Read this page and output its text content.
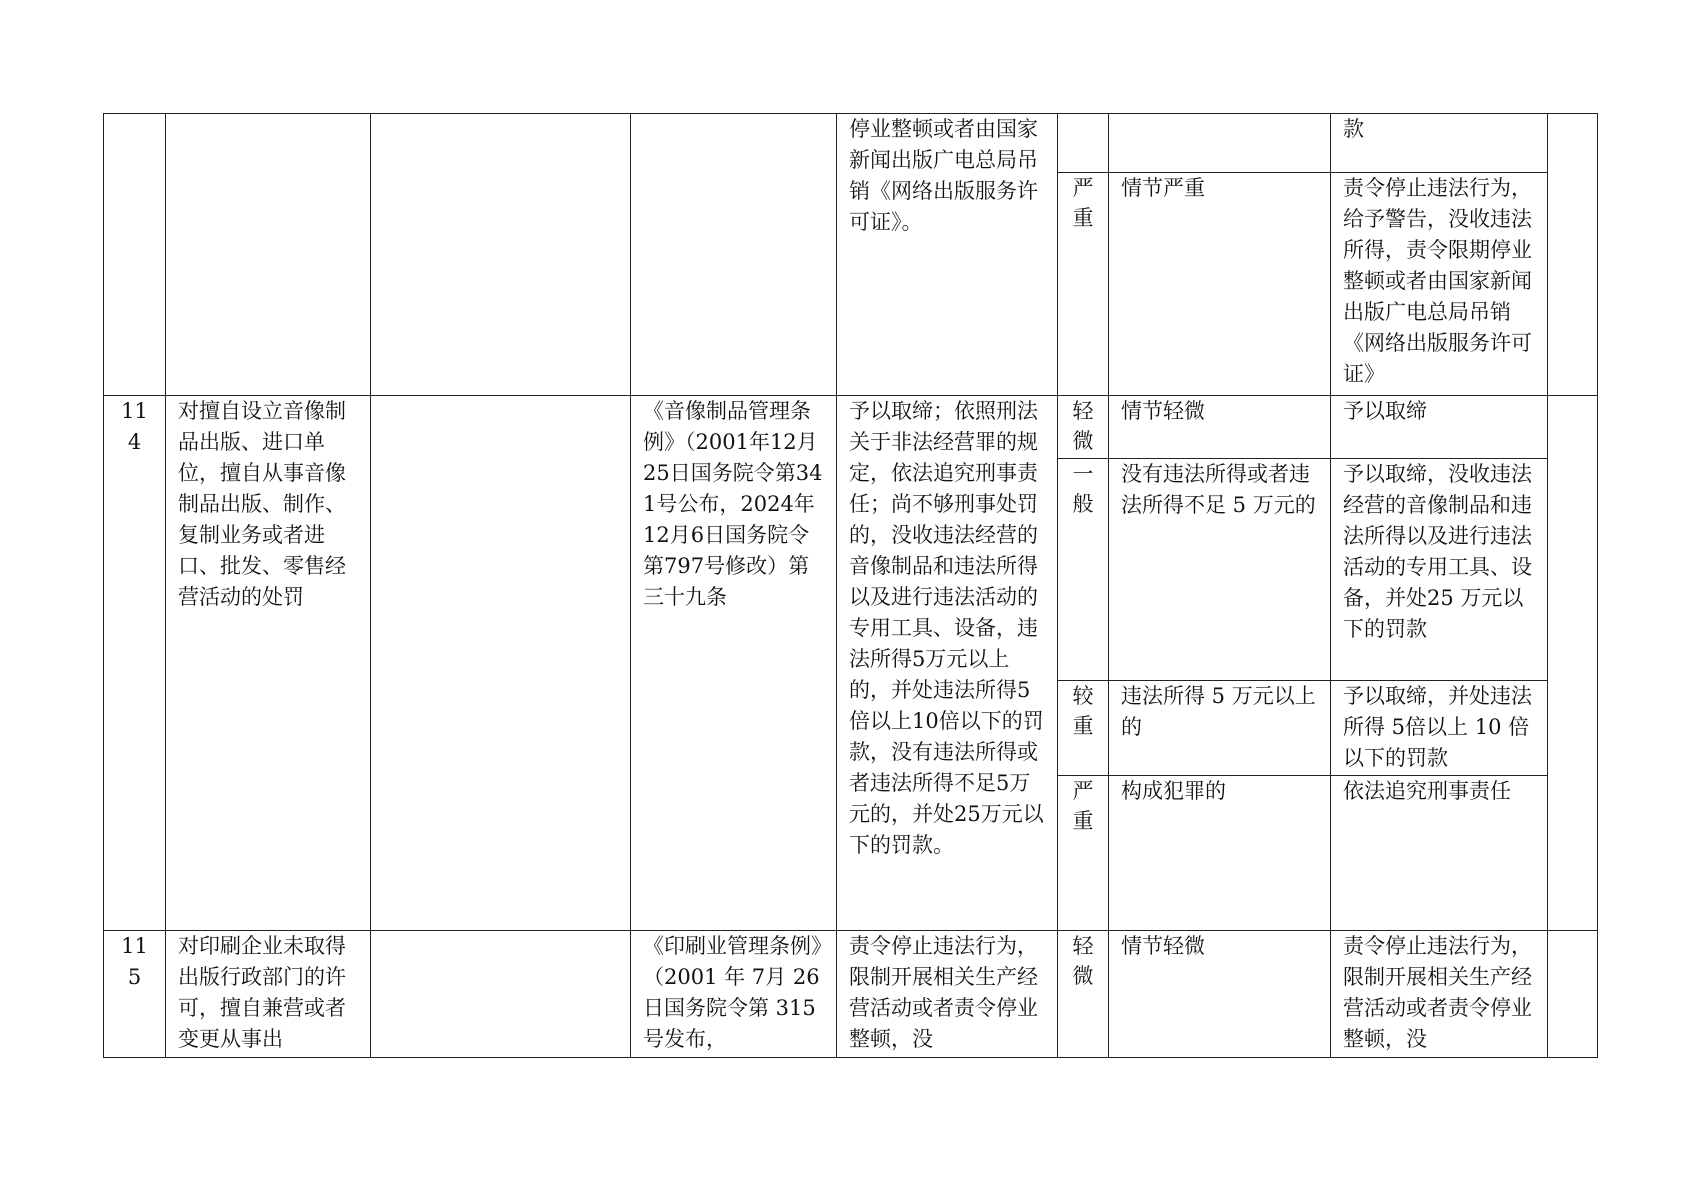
				停业整顿或者由国家新闻出版广电总局吊销《网络出版服务许可证》。			款	

					严重	情节严重	责令停止违法行为，给予警告，没收违法所得，责令限期停业整顿或者由国家新闻出版广电总局吊销《网络出版服务许可证》	
114	对擅自设立音像制品出版、进口单位，擅自从事音像制品出版、制作、复制业务或者进口、批发、零售经营活动的处罚		《音像制品管理条例》（2001年12月25日国务院令第341号公布，2024年12月6日国务院令第797号修改）第三十九条	予以取缔；依照刑法关于非法经营罪的规定，依法追究刑事责任；尚不够刑事处罚的，没收违法经营的音像制品和违法所得以及进行违法活动的专用工具、设备，违法所得5万元以上的，并处违法所得5倍以上10倍以下的罚款，没有违法所得或者违法所得不足5万元的，并处25万元以下的罚款。	轻微	情节轻微	予以取缔	

					一般	没有违法所得或者违法所得不足 5 万元的	予以取缔，没收违法经营的音像制品和违法所得以及进行违法活动的专用工具、设备，并处25 万元以下的罚款	

					较重	违法所得 5 万元以上的	予以取缔，并处违法所得 5倍以上 10 倍以下的罚款	

					严重	构成犯罪的	依法追究刑事责任	
115	对印刷企业未取得出版行政部门的许可，擅自兼营或者变更从事出		《印刷业管理条例》（2001 年 7月 26 日国务院令第 315 号发布，	责令停止违法行为，限制开展相关生产经营活动或者责令停业整顿，没	轻微	情节轻微	责令停止违法行为，限制开展相关生产经营活动或者责令停业整顿，没	
